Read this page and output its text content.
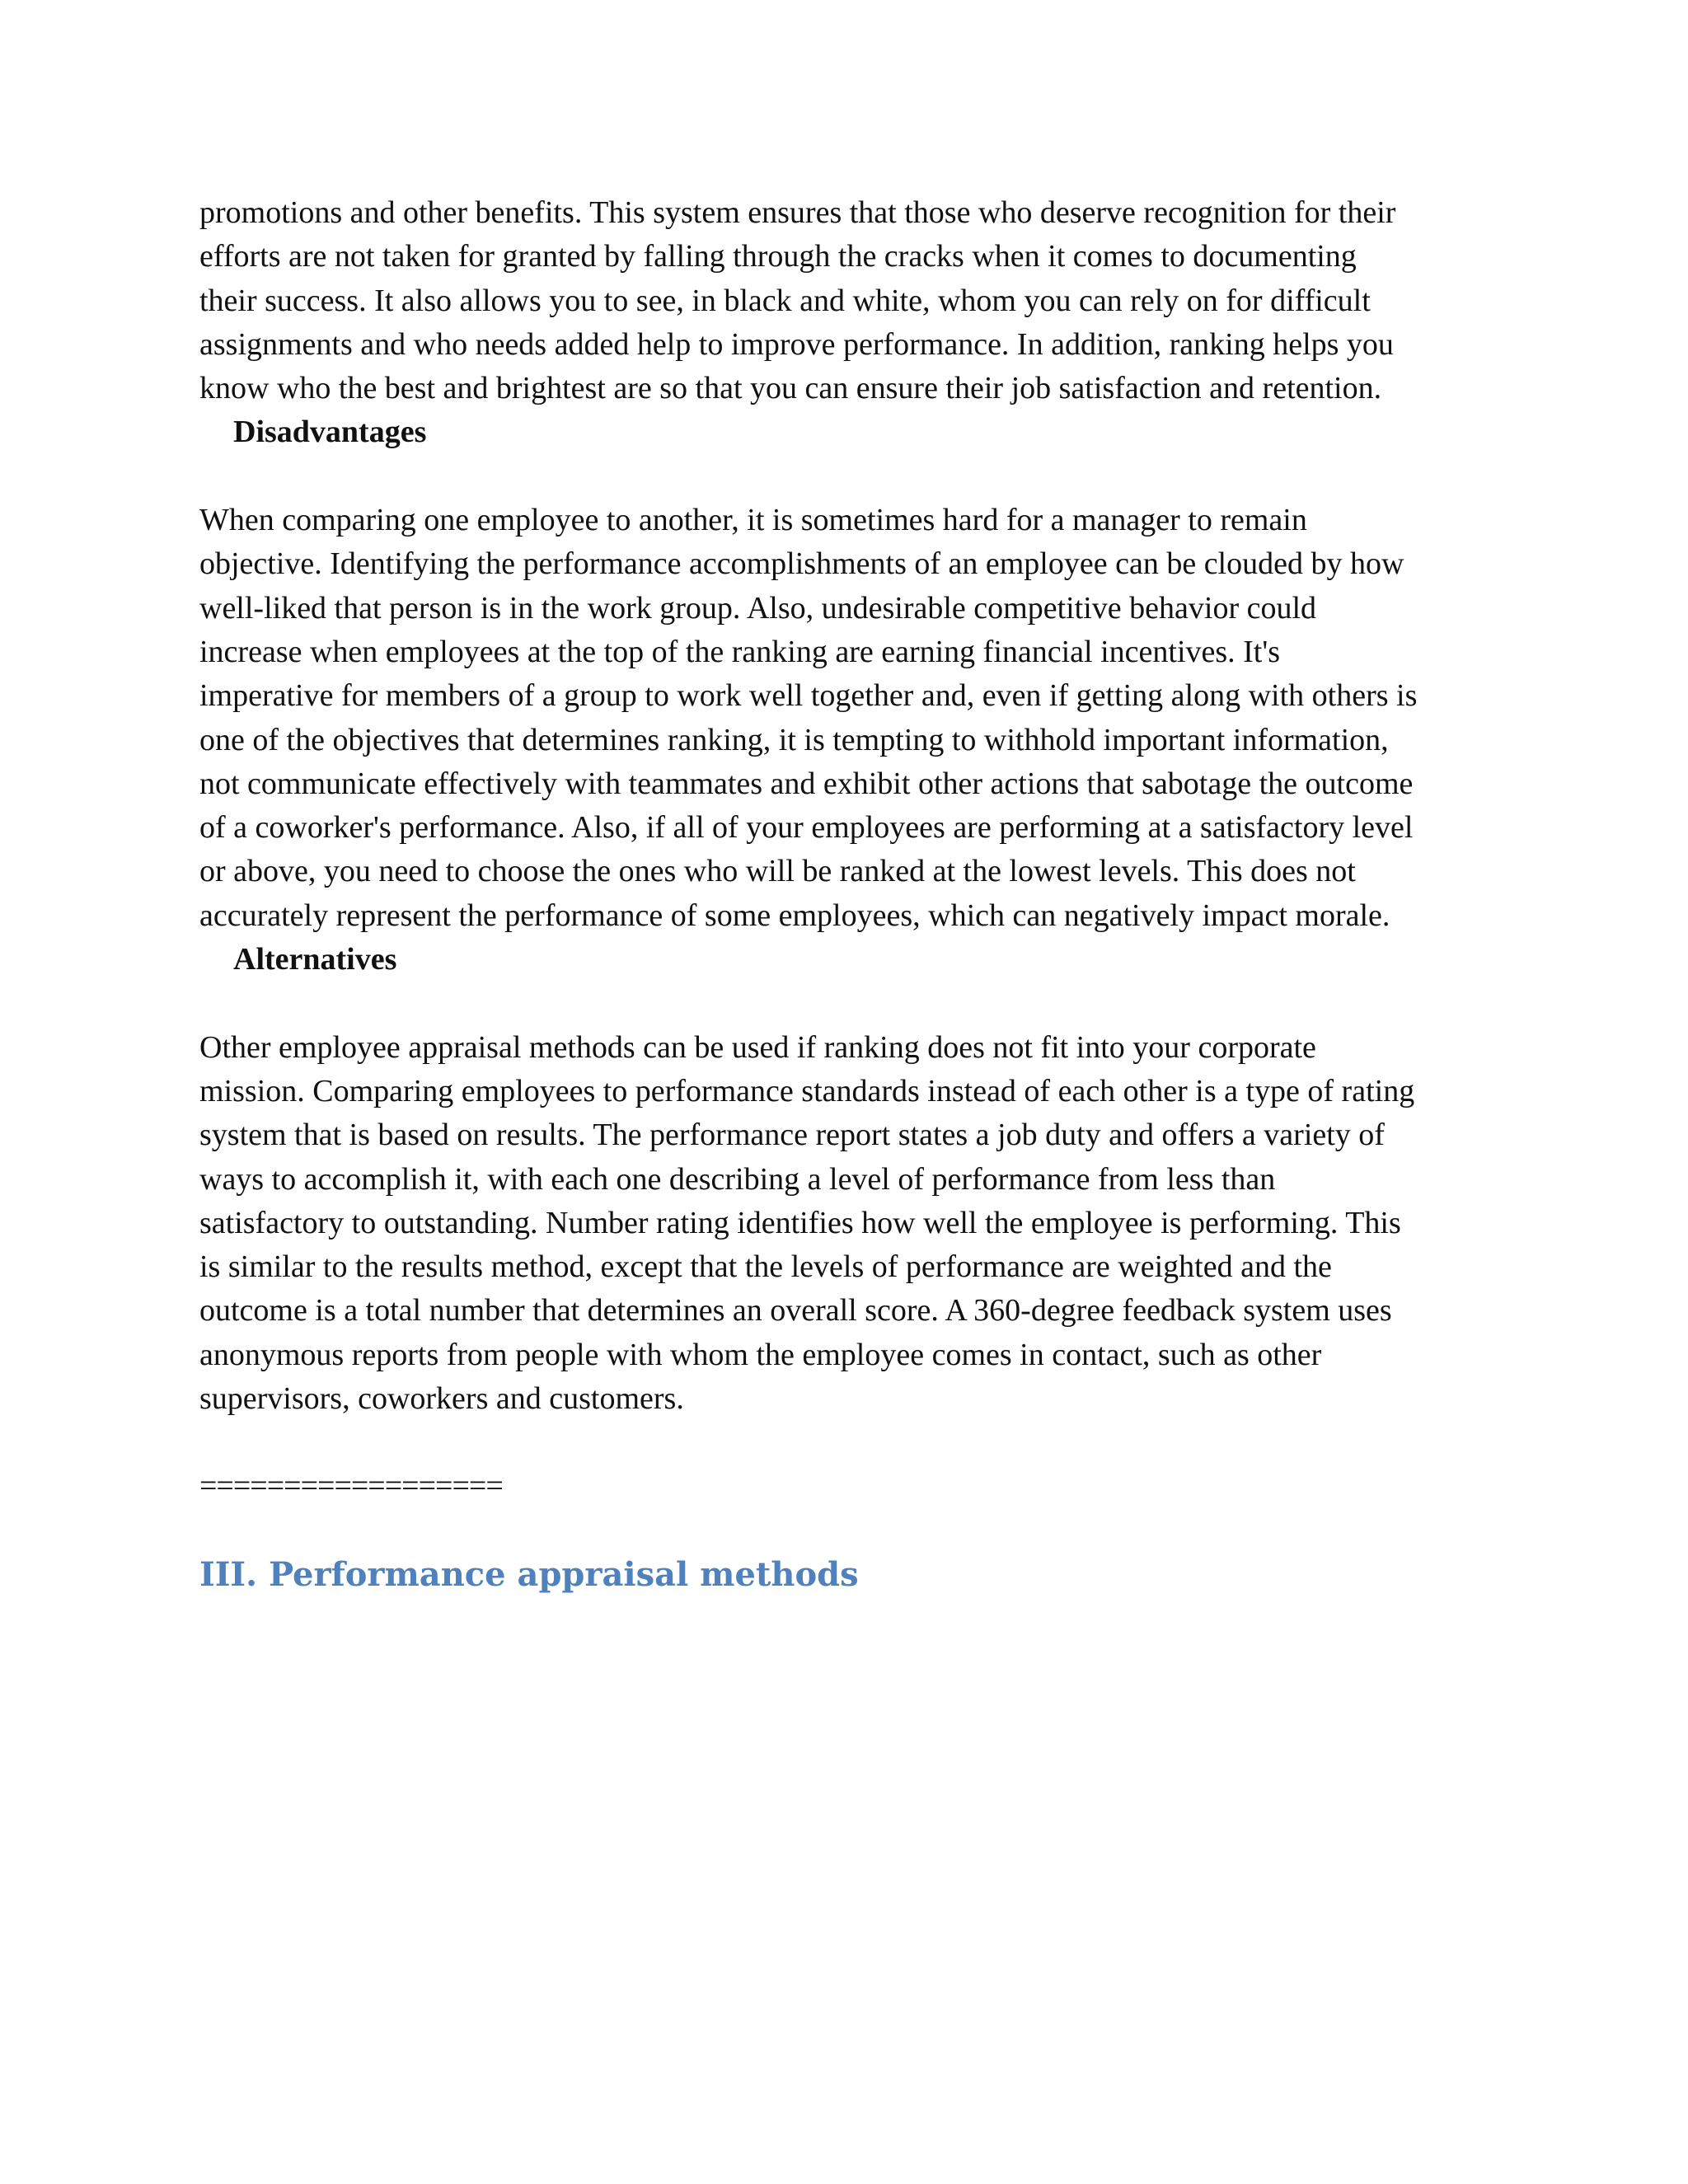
promotions and other benefits. This system ensures that those who deserve recognition for their
efforts are not taken for granted by falling through the cracks when it comes to documenting
their success. It also allows you to see, in black and white, whom you can rely on for difficult
assignments and who needs added help to improve performance. In addition, ranking helps you
know who the best and brightest are so that you can ensure their job satisfaction and retention.
Disadvantages
When comparing one employee to another, it is sometimes hard for a manager to remain
objective. Identifying the performance accomplishments of an employee can be clouded by how
well-liked that person is in the work group. Also, undesirable competitive behavior could
increase when employees at the top of the ranking are earning financial incentives. It's
imperative for members of a group to work well together and, even if getting along with others is
one of the objectives that determines ranking, it is tempting to withhold important information,
not communicate effectively with teammates and exhibit other actions that sabotage the outcome
of a coworker's performance. Also, if all of your employees are performing at a satisfactory level
or above, you need to choose the ones who will be ranked at the lowest levels. This does not
accurately represent the performance of some employees, which can negatively impact morale.
Alternatives
Other employee appraisal methods can be used if ranking does not fit into your corporate
mission. Comparing employees to performance standards instead of each other is a type of rating
system that is based on results. The performance report states a job duty and offers a variety of
ways to accomplish it, with each one describing a level of performance from less than
satisfactory to outstanding. Number rating identifies how well the employee is performing. This
is similar to the results method, except that the levels of performance are weighted and the
outcome is a total number that determines an overall score. A 360-degree feedback system uses
anonymous reports from people with whom the employee comes in contact, such as other
supervisors, coworkers and customers.
==================
III. Performance appraisal methods
